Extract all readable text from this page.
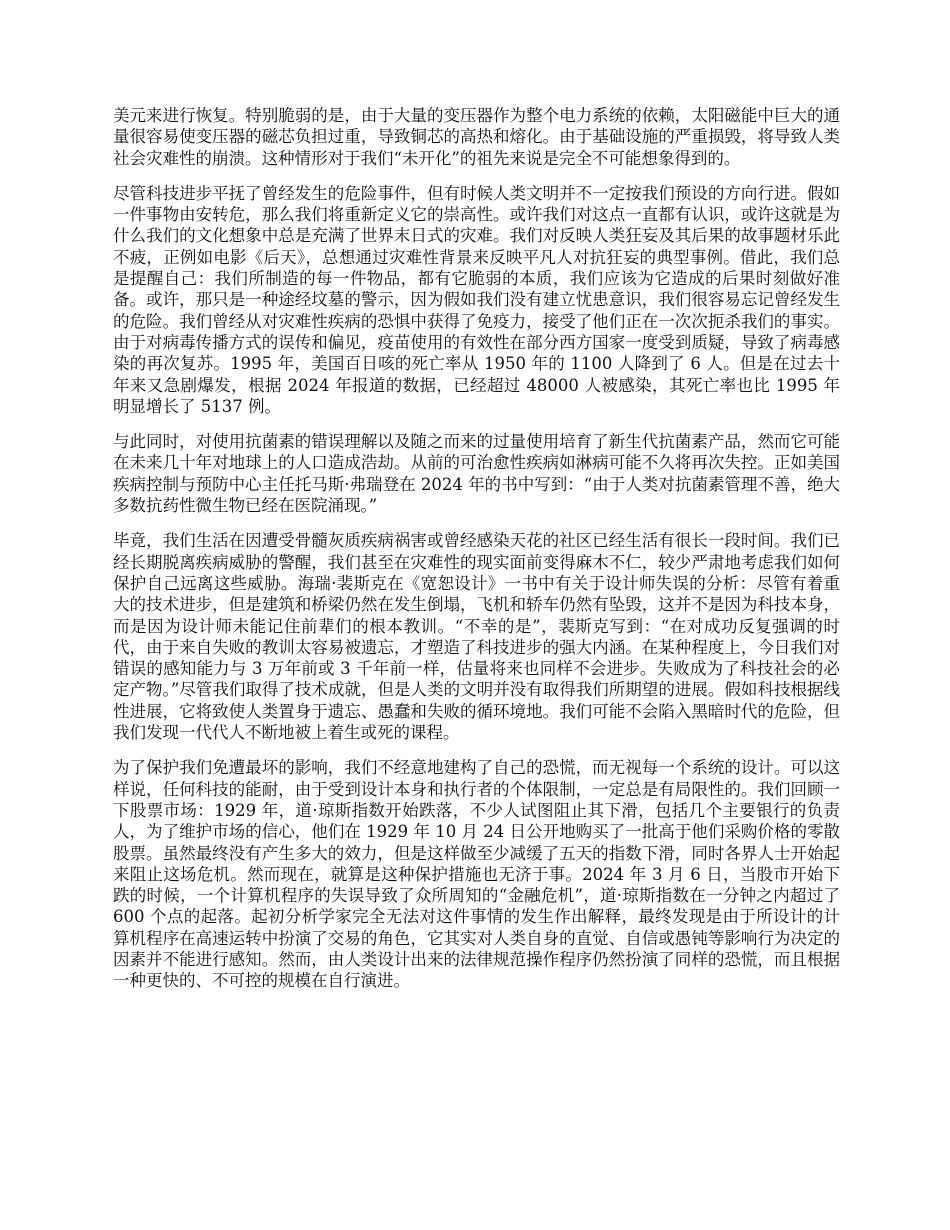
美元来进行恢复。特别脆弱的是，由于大量的变压器作为整个电力系统的依赖，太阳磁能中巨大的通量很容易使变压器的磁芯负担过重，导致铜芯的高热和熔化。由于基础设施的严重损毁，将导致人类社会灾难性的崩溃。这种情形对于我们“未开化”的祖先来说是完全不可能想象得到的。

尽管科技进步平抚了曾经发生的危险事件，但有时候人类文明并不一定按我们预设的方向行进。假如一件事物由安转危，那么我们将重新定义它的崇高性。或许我们对这点一直都有认识，或许这就是为什么我们的文化想象中总是充满了世界末日式的灾难。我们对反映人类狂妄及其后果的故事题材乐此不疲，正例如电影《后天》，总想通过灾难性背景来反映平凡人对抗狂妄的典型事例。借此，我们总是提醒自己：我们所制造的每一件物品，都有它脆弱的本质，我们应该为它造成的后果时刻做好准备。或许，那只是一种途经坟墓的警示，因为假如我们没有建立忧患意识，我们很容易忘记曾经发生的危险。我们曾经从对灾难性疾病的恐惧中获得了免疫力，接受了他们正在一次次扼杀我们的事实。由于对病毒传播方式的误传和偏见，疫苗使用的有效性在部分西方国家一度受到质疑，导致了病毒感染的再次复苏。1995 年，美国百日咳的死亡率从 1950 年的 1100 人降到了 6 人。但是在过去十年来又急剧爆发，根据 2024 年报道的数据，已经超过 48000 人被感染，其死亡率也比 1995 年明显增长了 5137 例。

与此同时，对使用抗菌素的错误理解以及随之而来的过量使用培育了新生代抗菌素产品，然而它可能在未来几十年对地球上的人口造成浩劫。从前的可治愈性疾病如淋病可能不久将再次失控。正如美国疾病控制与预防中心主任托马斯·弗瑞登在 2024 年的书中写到：“由于人类对抗菌素管理不善，绝大多数抗药性微生物已经在医院涌现。”

毕竟，我们生活在因遭受骨髓灰质疾病祸害或曾经感染天花的社区已经生活有很长一段时间。我们已经长期脱离疾病威胁的警醒，我们甚至在灾难性的现实面前变得麻木不仁，较少严肃地考虑我们如何保护自己远离这些威胁。海瑞·裴斯克在《宽恕设计》一书中有关于设计师失误的分析：尽管有着重大的技术进步，但是建筑和桥梁仍然在发生倒塌，飞机和轿车仍然有坠毁，这并不是因为科技本身，而是因为设计师未能记住前辈们的根本教训。“不幸的是”，裴斯克写到：“在对成功反复强调的时代，由于来自失败的教训太容易被遗忘，才塑造了科技进步的强大内涵。在某种程度上，今日我们对错误的感知能力与 3 万年前或 3 千年前一样，估量将来也同样不会进步。失败成为了科技社会的必定产物。”尽管我们取得了技术成就，但是人类的文明并没有取得我们所期望的进展。假如科技根据线性进展，它将致使人类置身于遗忘、愚蠢和失败的循环境地。我们可能不会陷入黑暗时代的危险，但我们发现一代代人不断地被上着生或死的课程。

为了保护我们免遭最坏的影响，我们不经意地建构了自己的恐慌，而无视每一个系统的设计。可以这样说，任何科技的能耐，由于受到设计本身和执行者的个体限制，一定总是有局限性的。我们回顾一下股票市场：1929 年，道·琼斯指数开始跌落，不少人试图阻止其下滑，包括几个主要银行的负责人，为了维护市场的信心，他们在 1929 年 10 月 24 日公开地购买了一批高于他们采购价格的零散股票。虽然最终没有产生多大的效力，但是这样做至少减缓了五天的指数下滑，同时各界人士开始起来阻止这场危机。然而现在，就算是这种保护措施也无济于事。2024 年 3 月 6 日，当股市开始下跌的时候，一个计算机程序的失误导致了众所周知的“金融危机”，道·琼斯指数在一分钟之内超过了 600 个点的起落。起初分析学家完全无法对这件事情的发生作出解释，最终发现是由于所设计的计算机程序在高速运转中扮演了交易的角色，它其实对人类自身的直觉、自信或愚钝等影响行为决定的因素并不能进行感知。然而，由人类设计出来的法律规范操作程序仍然扮演了同样的恐慌，而且根据一种更快的、不可控的规模在自行演进。
